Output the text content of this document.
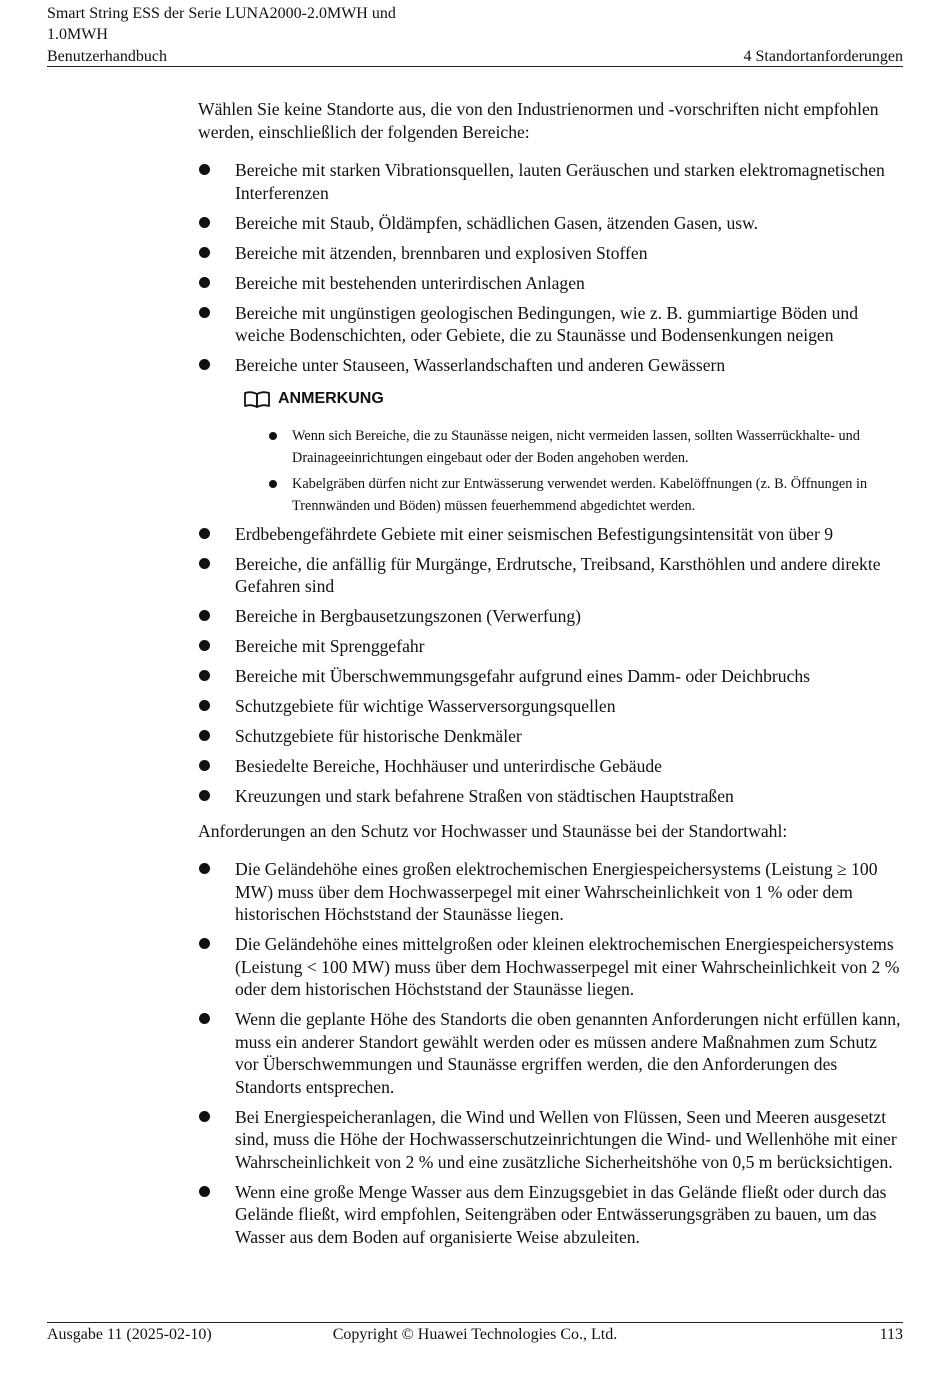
Smart String ESS der Serie LUNA2000-2.0MWH und
1.0MWH
Benutzerhandbuch	4 Standortanforderungen

Wählen Sie keine Standorte aus, die von den Industrienormen und -vorschriften nicht empfohlen werden, einschließlich der folgenden Bereiche:

Bereiche mit starken Vibrationsquellen, lauten Geräuschen und starken elektromagnetischen Interferenzen
Bereiche mit Staub, Öldämpfen, schädlichen Gasen, ätzenden Gasen, usw.
Bereiche mit ätzenden, brennbaren und explosiven Stoffen
Bereiche mit bestehenden unterirdischen Anlagen
Bereiche mit ungünstigen geologischen Bedingungen, wie z. B. gummiartige Böden und weiche Bodenschichten, oder Gebiete, die zu Staunässe und Bodensenkungen neigen
Bereiche unter Stauseen, Wasserlandschaften und anderen Gewässern
ANMERKUNG
Wenn sich Bereiche, die zu Staunässe neigen, nicht vermeiden lassen, sollten Wasserrückhalte- und Drainageeinrichtungen eingebaut oder der Boden angehoben werden.
Kabelgräben dürfen nicht zur Entwässerung verwendet werden. Kabelöffnungen (z. B. Öffnungen in Trennwänden und Böden) müssen feuerhemmend abgedichtet werden.
Erdbebengefährdete Gebiete mit einer seismischen Befestigungsintensität von über 9
Bereiche, die anfällig für Murgänge, Erdrutsche, Treibsand, Karsthöhlen und andere direkte Gefahren sind
Bereiche in Bergbausetzungszonen (Verwerfung)
Bereiche mit Sprenggefahr
Bereiche mit Überschwemmungsgefahr aufgrund eines Damm- oder Deichbruchs
Schutzgebiete für wichtige Wasserversorgungsquellen
Schutzgebiete für historische Denkmäler
Besiedelte Bereiche, Hochhäuser und unterirdische Gebäude
Kreuzungen und stark befahrene Straßen von städtischen Hauptstraßen

Anforderungen an den Schutz vor Hochwasser und Staunässe bei der Standortwahl:

Die Geländehöhe eines großen elektrochemischen Energiespeichersystems (Leistung ≥ 100 MW) muss über dem Hochwasserpegel mit einer Wahrscheinlichkeit von 1 % oder dem historischen Höchststand der Staunässe liegen.
Die Geländehöhe eines mittelgroßen oder kleinen elektrochemischen Energiespeichersystems (Leistung < 100 MW) muss über dem Hochwasserpegel mit einer Wahrscheinlichkeit von 2 % oder dem historischen Höchststand der Staunässe liegen.
Wenn die geplante Höhe des Standorts die oben genannten Anforderungen nicht erfüllen kann, muss ein anderer Standort gewählt werden oder es müssen andere Maßnahmen zum Schutz vor Überschwemmungen und Staunässe ergriffen werden, die den Anforderungen des Standorts entsprechen.
Bei Energiespeicheranlagen, die Wind und Wellen von Flüssen, Seen und Meeren ausgesetzt sind, muss die Höhe der Hochwasserschutzeinrichtungen die Wind- und Wellenhöhe mit einer Wahrscheinlichkeit von 2 % und eine zusätzliche Sicherheitshöhe von 0,5 m berücksichtigen.
Wenn eine große Menge Wasser aus dem Einzugsgebiet in das Gelände fließt oder durch das Gelände fließt, wird empfohlen, Seitengräben oder Entwässerungsgräben zu bauen, um das Wasser aus dem Boden auf organisierte Weise abzuleiten.
Ausgabe 11 (2025-02-10)	Copyright © Huawei Technologies Co., Ltd.	113
